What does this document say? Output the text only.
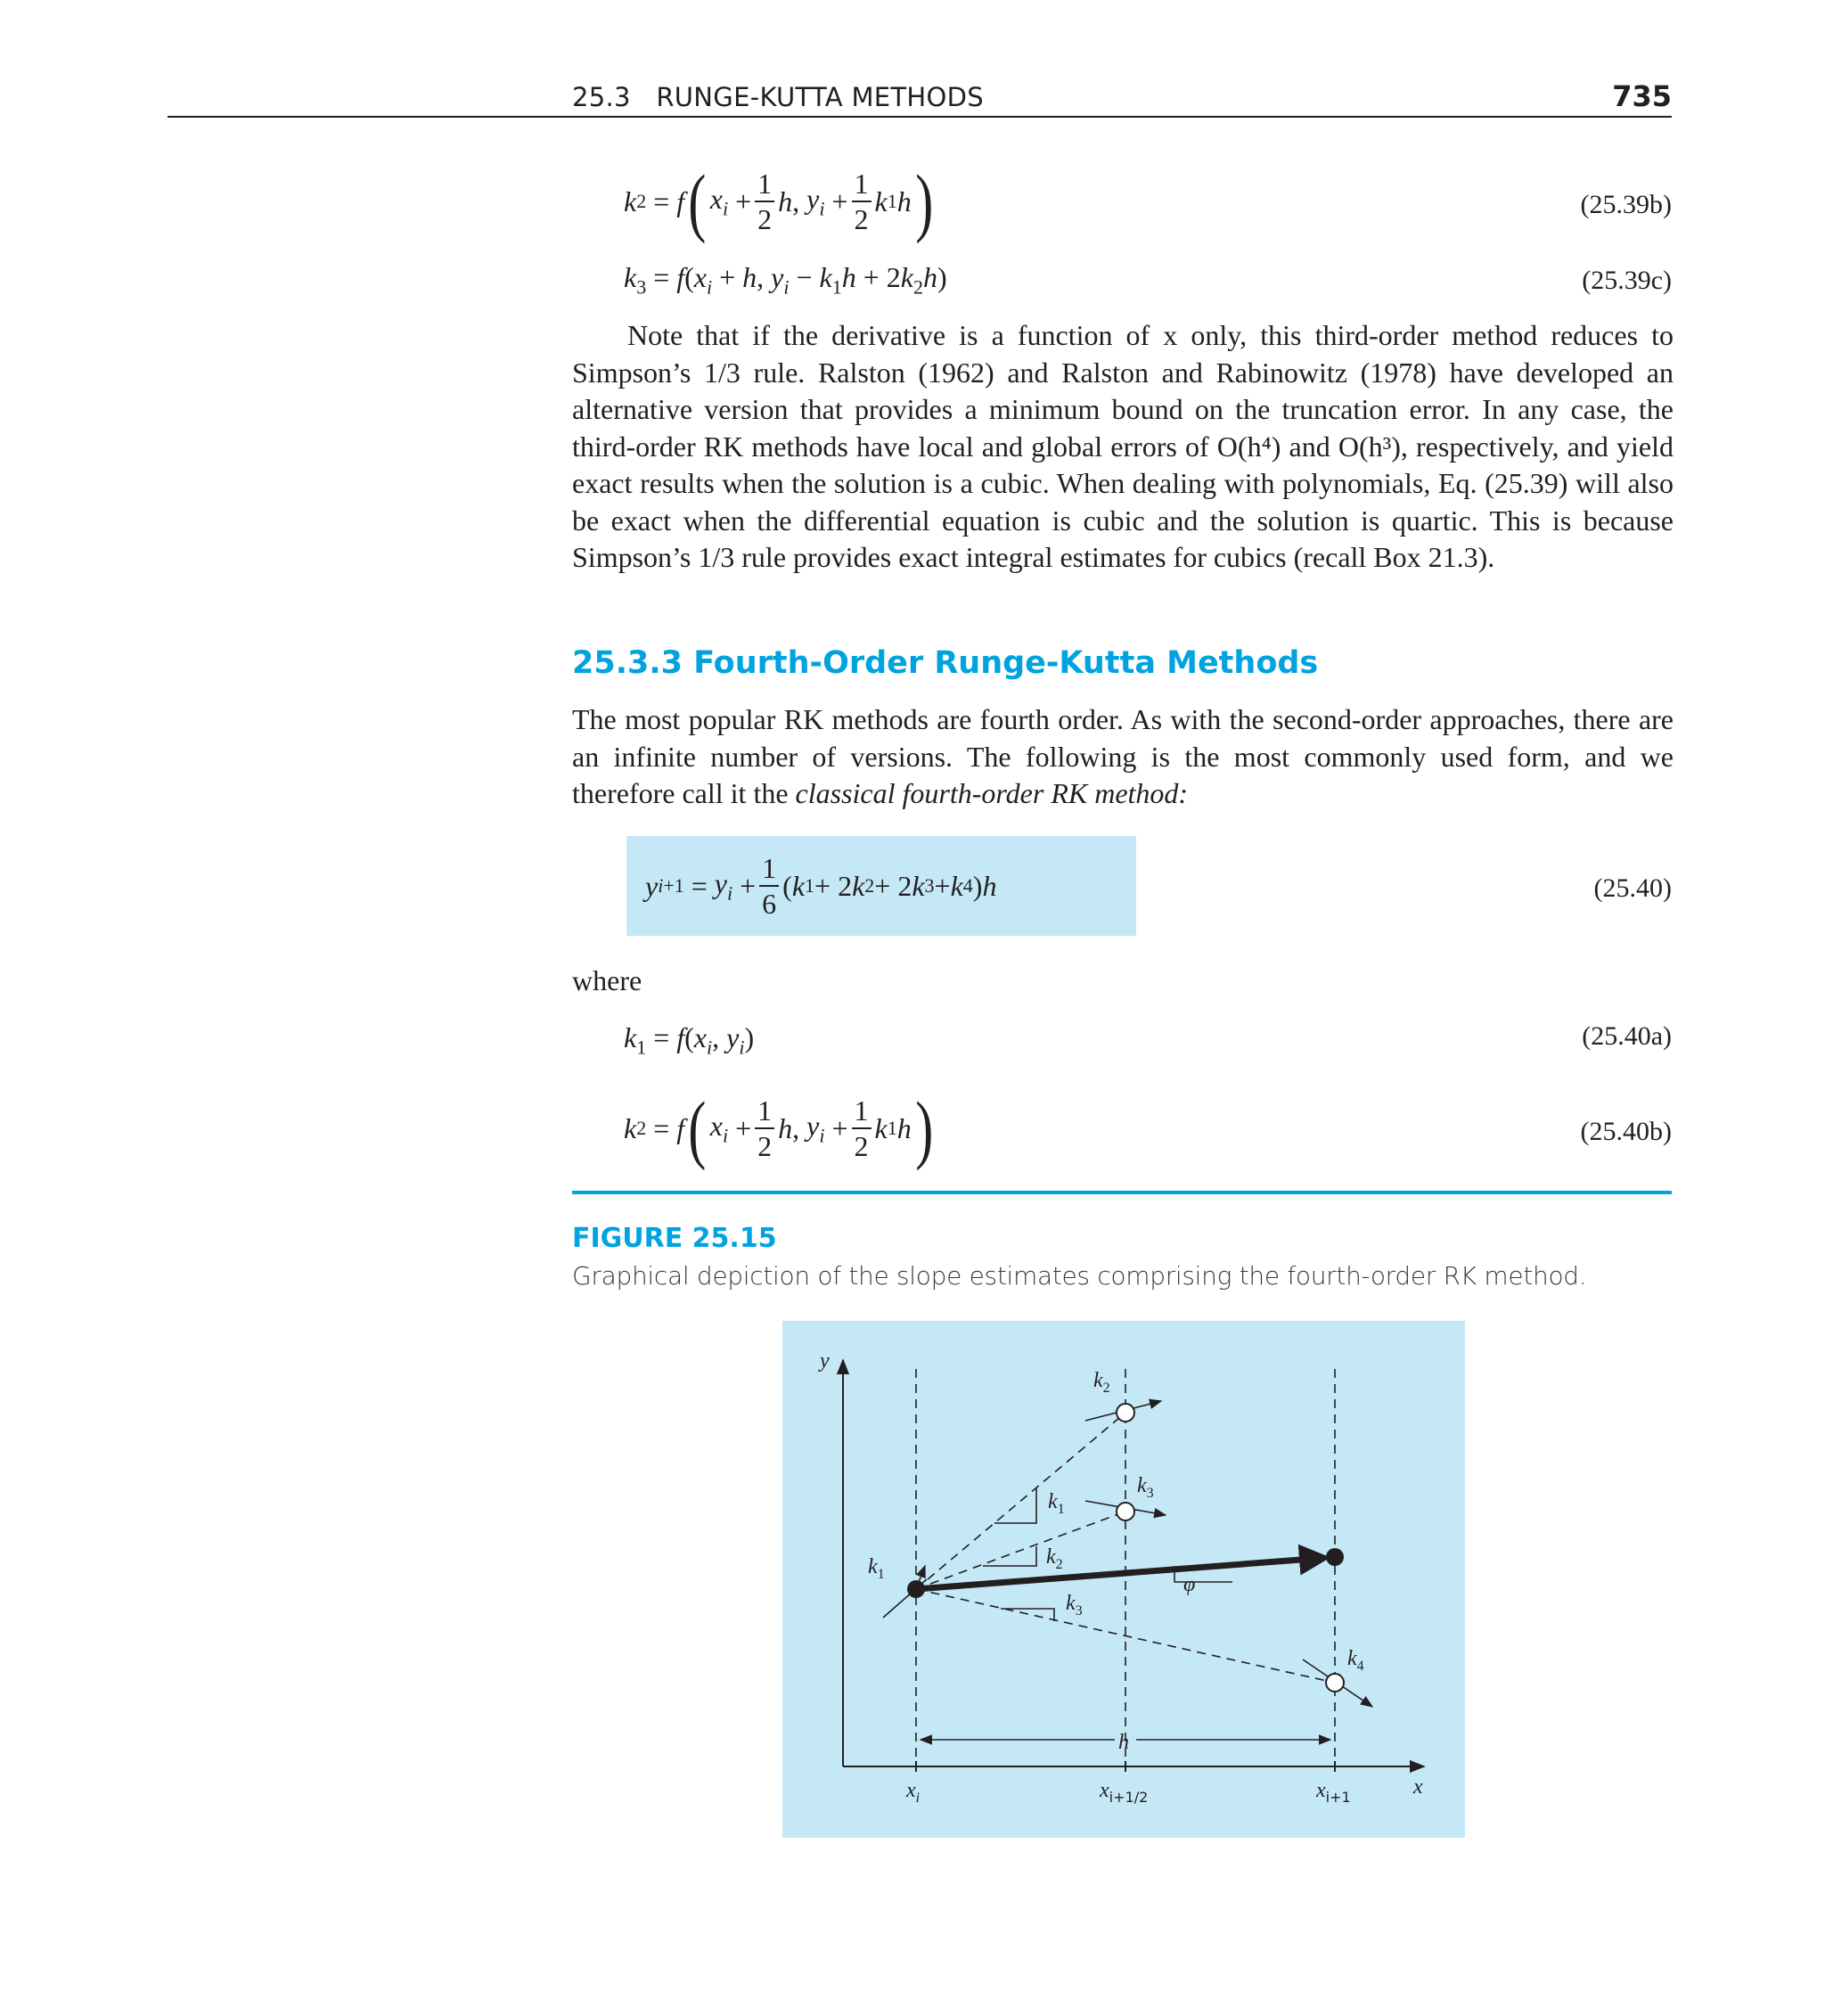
25.3   RUNGE-KUTTA METHODS	735
k 2 = f ( $x_i + \frac{1}{2}$ h , $y_i + \frac{1}{2}$ k 1 h )	(25.39b)
$k_3 = f(x_i + h$, $y_i - k_1h + 2k_2h$)	(25.39c)

Note that if the derivative is a function of x only, this third-order method reduces to Simpson’s 1/3 rule. Ralston (1962) and Ralston and Rabinowitz (1978) have developed an alternative version that provides a minimum bound on the truncation error. In any case, the third-order RK methods have local and global errors of O(h⁴) and O(h³), respectively, and yield exact results when the solution is a cubic. When dealing with polynomials, Eq. (25.39) will also be exact when the differential equation is cubic and the solution is quartic. This is because Simpson’s 1/3 rule provides exact integral estimates for cubics (recall Box 21.3).

25.3.3 Fourth-Order Runge-Kutta Methods

The most popular RK methods are fourth order. As with the second-order approaches, there are an infinite number of versions. The following is the most commonly used form, and we therefore call it the classical fourth-order RK method:

y $i+1 = y_i + \frac{1}{6}$ ( k 1 + 2 k 2 + 2 k 3 + k 4 ) h	(25.40)
where
$k_1 = f(x_i$, $y_i$)	(25.40a)
k 2 = f ( $x_i + \frac{1}{2}$ h , $y_i + \frac{1}{2}$ k 1 h )	(25.40b)
FIGURE 25.15
Graphical depiction of the slope estimates comprising the fourth-order RK method.
y
x
h
φ
$k_1$
$k_1$
$k_2$
$k_3$
$k_2$
$k_3$
$k_4$
$x_i$	$x_{i+1/2}$	$x_{i+1}$
